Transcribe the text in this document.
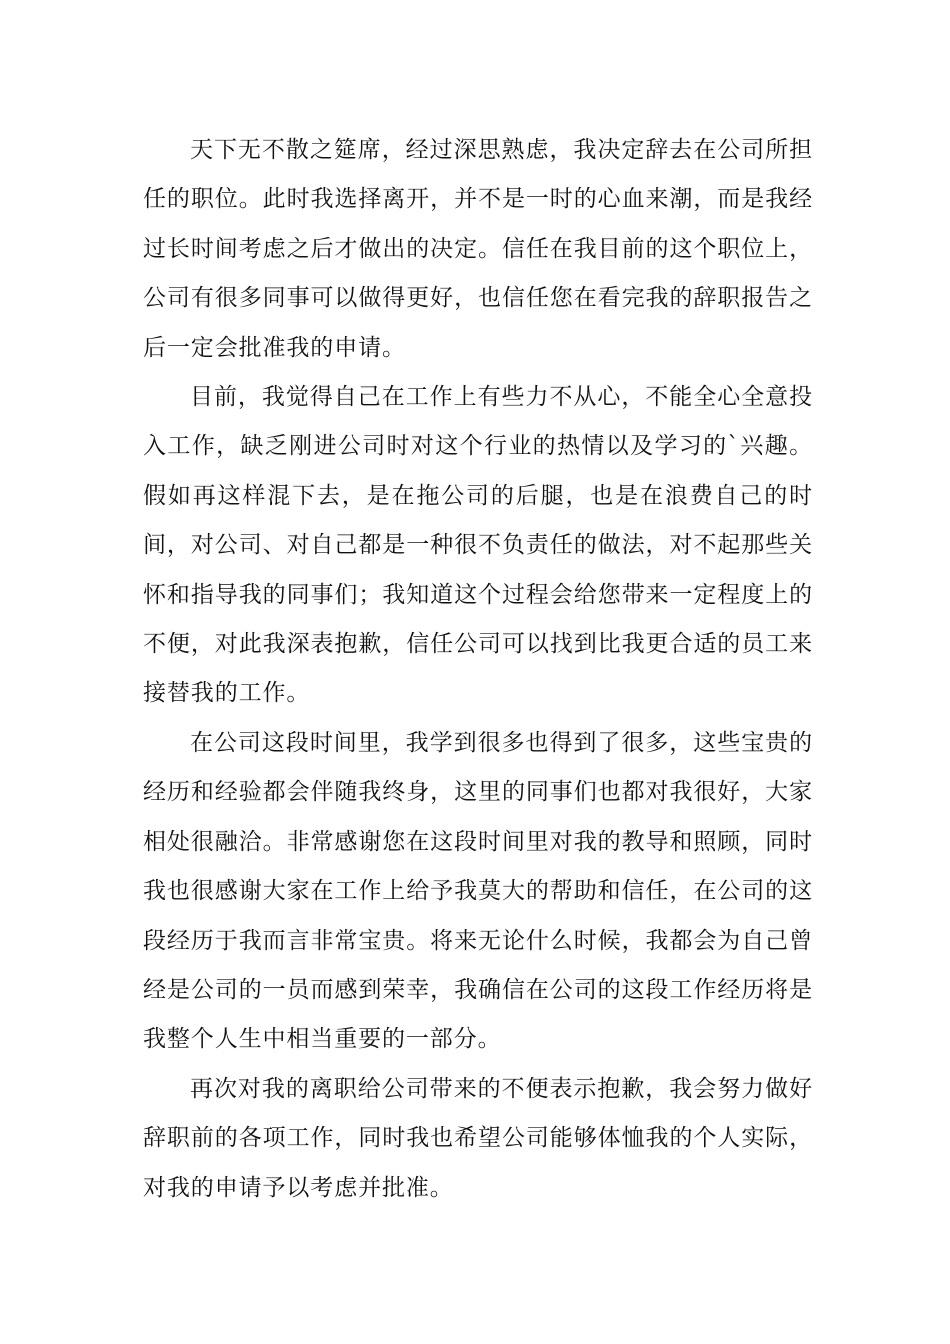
天下无不散之筵席，经过深思熟虑，我决定辞去在公司所担任的职位。此时我选择离开，并不是一时的心血来潮，而是我经过长时间考虑之后才做出的决定。信任在我目前的这个职位上，公司有很多同事可以做得更好，也信任您在看完我的辞职报告之后一定会批准我的申请。

目前，我觉得自己在工作上有些力不从心，不能全心全意投入工作，缺乏刚进公司时对这个行业的热情以及学习的`兴趣。假如再这样混下去，是在拖公司的后腿，也是在浪费自己的时间，对公司、对自己都是一种很不负责任的做法，对不起那些关怀和指导我的同事们；我知道这个过程会给您带来一定程度上的不便，对此我深表抱歉，信任公司可以找到比我更合适的员工来接替我的工作。

在公司这段时间里，我学到很多也得到了很多，这些宝贵的经历和经验都会伴随我终身，这里的同事们也都对我很好，大家相处很融洽。非常感谢您在这段时间里对我的教导和照顾，同时我也很感谢大家在工作上给予我莫大的帮助和信任，在公司的这段经历于我而言非常宝贵。将来无论什么时候，我都会为自己曾经是公司的一员而感到荣幸，我确信在公司的这段工作经历将是我整个人生中相当重要的一部分。

再次对我的离职给公司带来的不便表示抱歉，我会努力做好辞职前的各项工作，同时我也希望公司能够体恤我的个人实际，对我的申请予以考虑并批准。
